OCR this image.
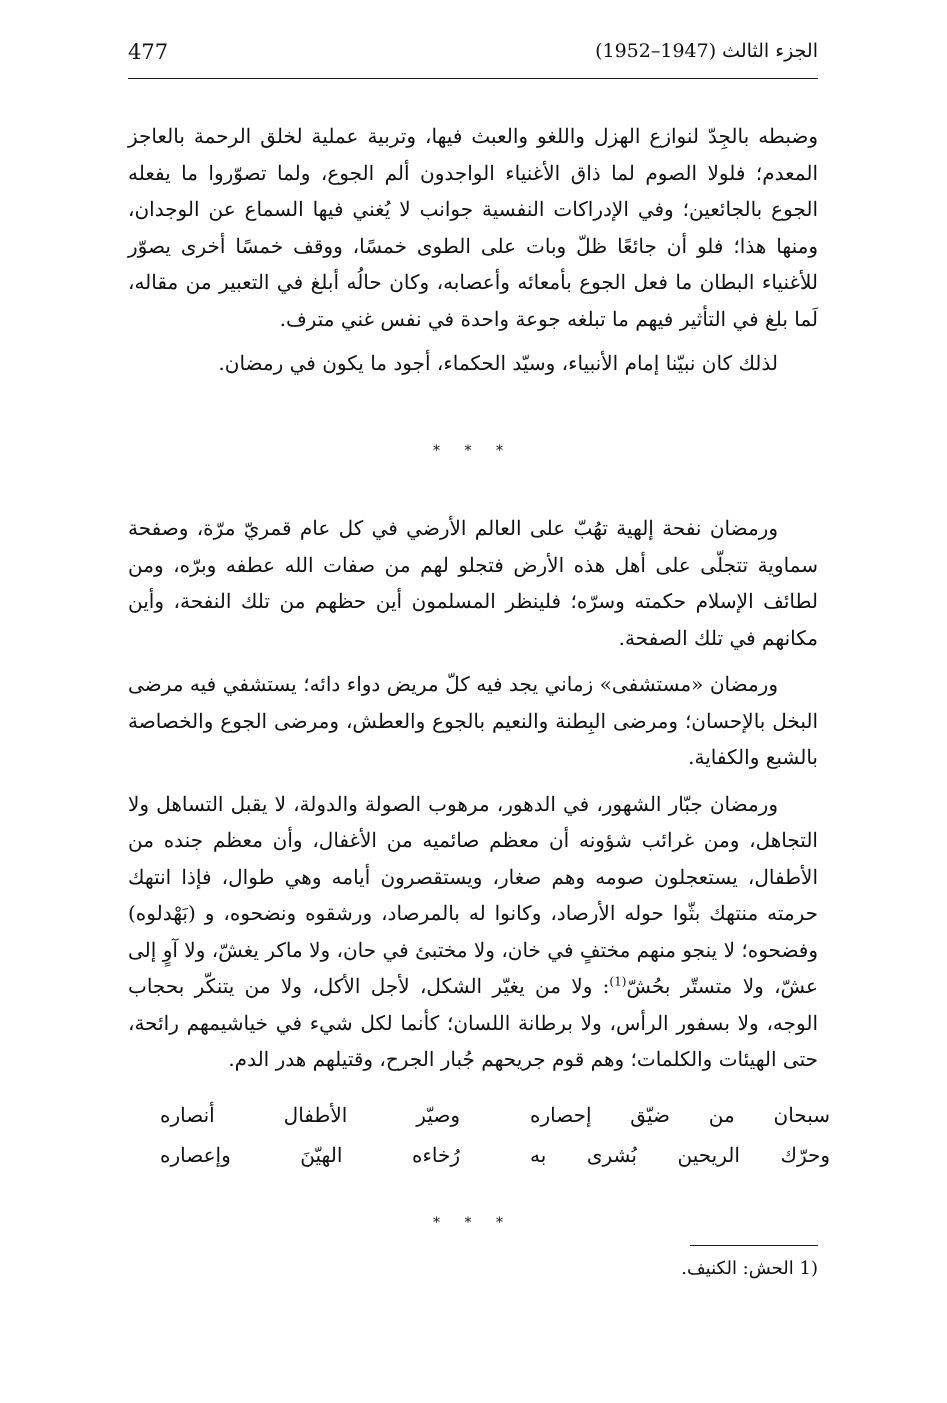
477	الجزء الثالث (1947–1952)

وضبطه بالجِدّ لنوازع الهزل واللغو والعبث فيها، وتربية عملية لخلق الرحمة بالعاجز المعدم؛ فلولا الصوم لما ذاق الأغنياء الواجدون ألم الجوع، ولما تصوّروا ما يفعله الجوع بالجائعين؛ وفي الإدراكات النفسية جوانب لا يُغني فيها السماع عن الوجدان، ومنها هذا؛ فلو أن جائعًا ظلّ وبات على الطوى خمسًا، ووقف خمسًا أخرى يصوّر للأغنياء البطان ما فعل الجوع بأمعائه وأعصابه، وكان حالُه أبلغ في التعبير من مقاله، لَما بلغ في التأثير فيهم ما تبلغه جوعة واحدة في نفس غني مترف.

لذلك كان نبيّنا إمام الأنبياء، وسيّد الحكماء، أجود ما يكون في رمضان.

* * *

ورمضان نفحة إلهية تهُبّ على العالم الأرضي في كل عام قمريّ مرّة، وصفحة سماوية تتجلّى على أهل هذه الأرض فتجلو لهم من صفات الله عطفه وبرّه، ومن لطائف الإسلام حكمته وسرّه؛ فلينظر المسلمون أين حظهم من تلك النفحة، وأين مكانهم في تلك الصفحة.

ورمضان «مستشفى» زماني يجد فيه كلّ مريض دواء دائه؛ يستشفي فيه مرضى البخل بالإحسان؛ ومرضى البِطنة والنعيم بالجوع والعطش، ومرضى الجوع والخصاصة بالشبع والكفاية.

ورمضان جبّار الشهور، في الدهور، مرهوب الصولة والدولة، لا يقبل التساهل ولا التجاهل، ومن غرائب شؤونه أن معظم صائميه من الأغفال، وأن معظم جنده من الأطفال، يستعجلون صومه وهم صغار، ويستقصرون أيامه وهي طوال، فإذا انتهك حرمته منتهك بثّوا حوله الأرصاد، وكانوا له بالمرصاد، ورشقوه ونضحوه، و (بَهْدلوه) وفضحوه؛ لا ينجو منهم مختفٍ في خان، ولا مختبئ في حان، ولا ماكر يغشّ، ولا آوٍ إلى عشّ، ولا متستّر بحُشّ$^{(1)}$: ولا من يغيّر الشكل، لأجل الأكل، ولا من يتنكّر بحجاب الوجه، ولا بسفور الرأس، ولا برطانة اللسان؛ كأنما لكل شيء في خياشيمهم رائحة، حتى الهيئات والكلمات؛ وهم قوم جريحهم جُبار الجرح، وقتيلهم هدر الدم.

سبحان من ضيّق إحصاره
وصيّر الأطفال أنصاره
وحرّك الريحين بُشرى به
رُخاءه الهيّنَ وإعصاره
* * *
1) الحش: الكنيف.
